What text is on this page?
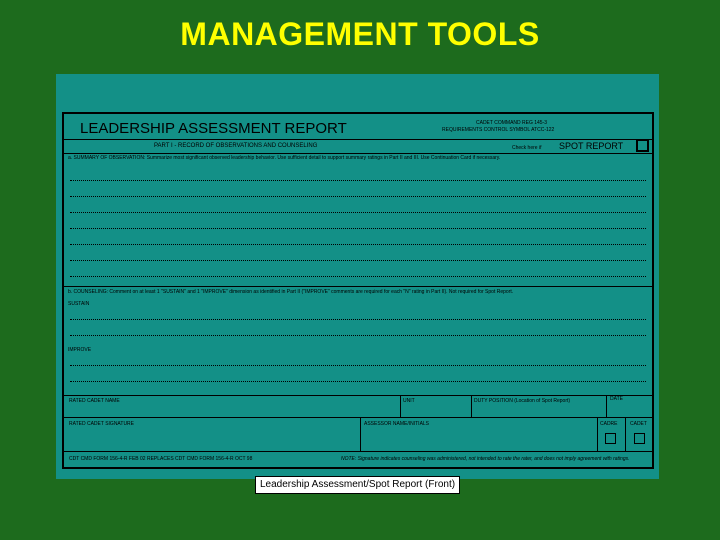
MANAGEMENT TOOLS
LEADERSHIP ASSESSMENT REPORT	CADET COMMAND REG 145-3
REQUIREMENTS CONTROL SYMBOL ATCC-122
PART I - RECORD OF OBSERVATIONS AND COUNSELING	Check here if SPOT REPORT
a. SUMMARY OF OBSERVATION: Summarize most significant observed leadership behavior. Use sufficient detail to support summary ratings in Part II and III. Use Continuation Card if necessary.
b. COUNSELING: Comment on at least 1 "SUSTAIN" and 1 "IMPROVE" dimension as identified in Part II ("IMPROVE" comments are required for each "N" rating in Part II). Not required for Spot Report.
SUSTAIN
IMPROVE
RATED CADET NAME	UNIT	DUTY POSITION (Location of Spot Report)	DATE
RATED CADET SIGNATURE	ASSESSOR NAME/INITIALS	CADRE CADET
CDT CMD FORM 156-4-R FEB 02 REPLACES CDT CMD FORM 156-4-R OCT 98	NOTE: Signature indicates counseling was administered, not intended to rate the rater, and does not imply agreement with ratings.
Leadership Assessment/Spot Report (Front)
